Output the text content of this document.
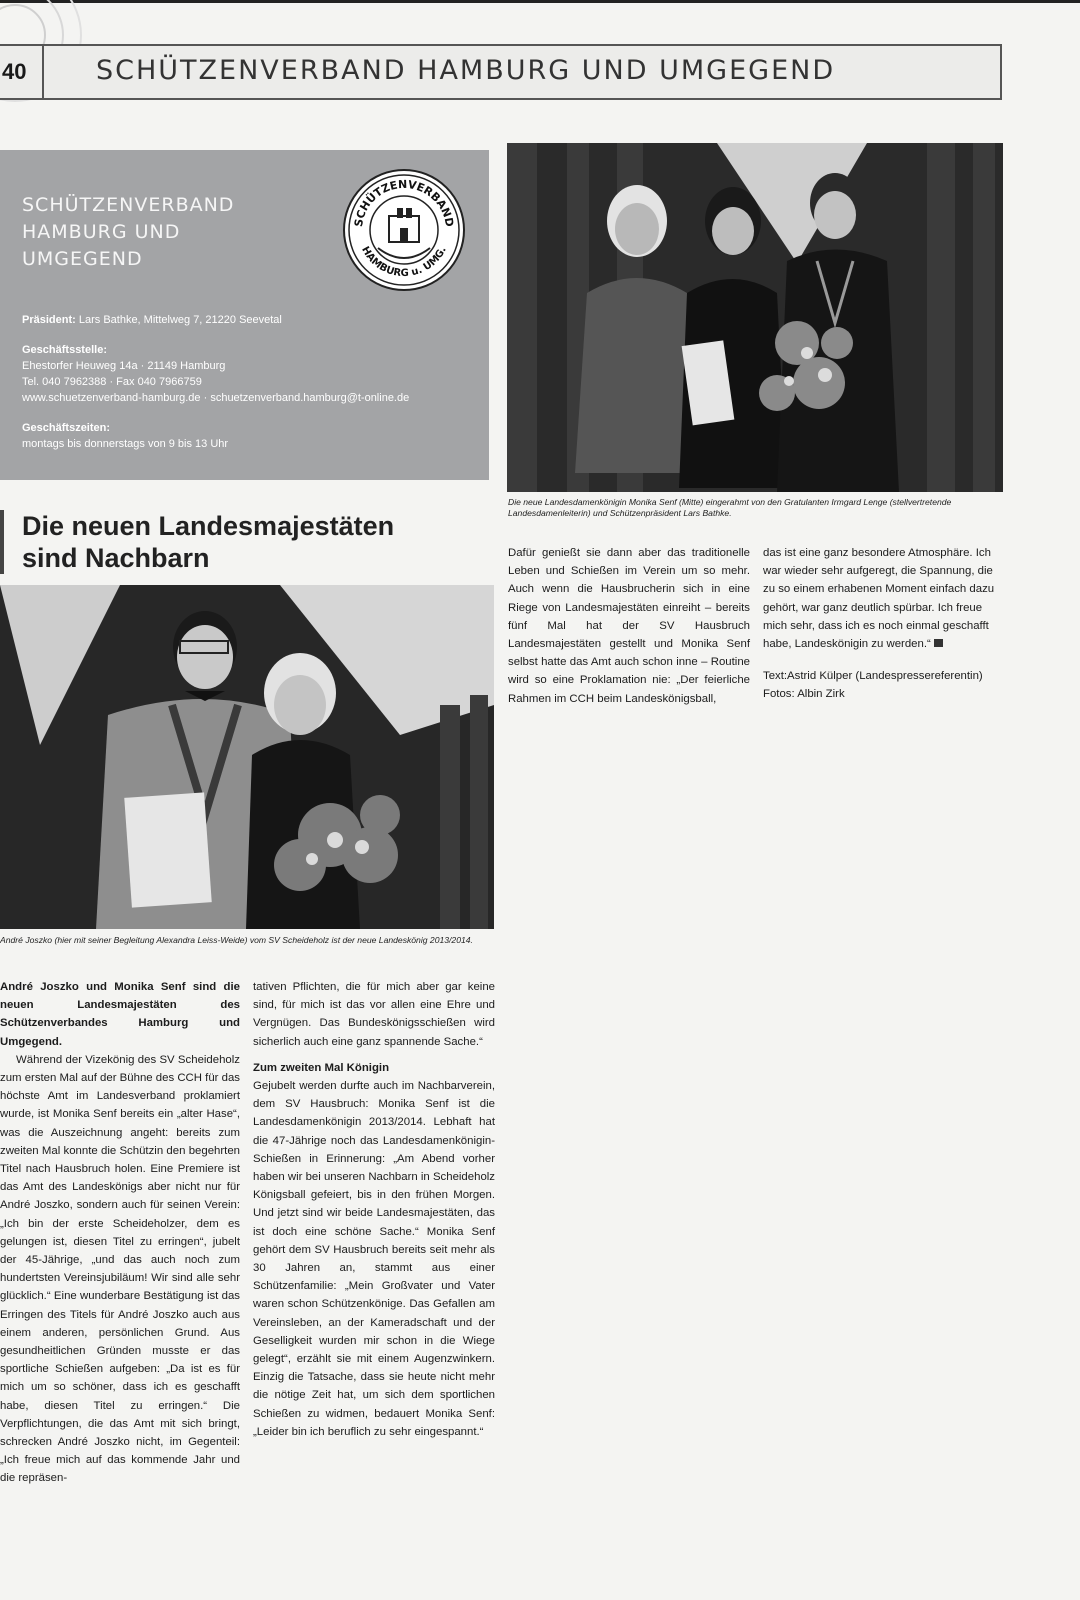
40	SCHÜTZENVERBAND HAMBURG UND UMGEGEND
SCHÜTZENVERBAND
HAMBURG UND
UMGEGEND
SCHÜTZENVERBAND
HAMBURG u. UMG.
Präsident: Lars Bathke, Mittelweg 7, 21220 Seevetal
Geschäftsstelle:
Ehestorfer Heuweg 14a · 21149 Hamburg
Tel. 040 7962388 · Fax 040 7966759
www.schuetzenverband-hamburg.de · schuetzenverband.hamburg@t-online.de
Geschäftszeiten:
montags bis donnerstags von 9 bis 13 Uhr
Die neue Landesdamenkönigin Monika Senf (Mitte) eingerahmt von den Gratulanten Irmgard Lenge (stellvertretende Landesdamenleiterin) und Schützenpräsident Lars Bathke.
Die neuen Landesmajestäten
sind Nachbarn
André Joszko (hier mit seiner Begleitung Alexandra Leiss-Weide) vom SV Scheideholz ist der neue Landeskönig 2013/2014.

André Joszko und Monika Senf sind die neuen Landesmajestäten des Schützenverbandes Hamburg und Umgegend.

Während der Vizekönig des SV Scheideholz zum ersten Mal auf der Bühne des CCH für das höchste Amt im Landesverband proklamiert wurde, ist Monika Senf bereits ein „alter Hase“, was die Auszeichnung angeht: bereits zum zweiten Mal konnte die Schützin den begehrten Titel nach Hausbruch holen. Eine Premiere ist das Amt des Landeskönigs aber nicht nur für André Joszko, sondern auch für seinen Verein: „Ich bin der erste Scheideholzer, dem es gelungen ist, diesen Titel zu erringen“, jubelt der 45-Jährige, „und das auch noch zum hundertsten Vereinsjubiläum! Wir sind alle sehr glücklich.“ Eine wunderbare Bestätigung ist das Erringen des Titels für André Joszko auch aus einem anderen, persönlichen Grund. Aus gesundheitlichen Gründen musste er das sportliche Schießen aufgeben: „Da ist es für mich um so schöner, dass ich es geschafft habe, diesen Titel zu erringen.“ Die Verpflichtungen, die das Amt mit sich bringt, schrecken André Joszko nicht, im Gegenteil: „Ich freue mich auf das kommende Jahr und die repräsen-

tativen Pflichten, die für mich aber gar keine sind, für mich ist das vor allen eine Ehre und Vergnügen. Das Bundeskönigsschießen wird sicherlich auch eine ganz spannende Sache.“

Zum zweiten Mal Königin

Gejubelt werden durfte auch im Nachbarverein, dem SV Hausbruch: Monika Senf ist die Landesdamenkönigin 2013/2014. Lebhaft hat die 47-Jährige noch das Landesdamenkönigin-Schießen in Erinnerung: „Am Abend vorher haben wir bei unseren Nachbarn in Scheideholz Königsball gefeiert, bis in den frühen Morgen. Und jetzt sind wir beide Landesmajestäten, das ist doch eine schöne Sache.“ Monika Senf gehört dem SV Hausbruch bereits seit mehr als 30 Jahren an, stammt aus einer Schützenfamilie: „Mein Großvater und Vater waren schon Schützenkönige. Das Gefallen am Vereinsleben, an der Kameradschaft und der Geselligkeit wurden mir schon in die Wiege gelegt“, erzählt sie mit einem Augenzwinkern. Einzig die Tatsache, dass sie heute nicht mehr die nötige Zeit hat, um sich dem sportlichen Schießen zu widmen, bedauert Monika Senf: „Leider bin ich beruflich zu sehr eingespannt.“

Dafür genießt sie dann aber das traditionelle Leben und Schießen im Verein um so mehr. Auch wenn die Hausbrucherin sich in eine Riege von Landesmajestäten einreiht – bereits fünf Mal hat der SV Hausbruch Landesmajestäten gestellt und Monika Senf selbst hatte das Amt auch schon inne – Routine wird so eine Proklamation nie: „Der feierliche Rahmen im CCH beim Landeskönigsball,

das ist eine ganz besondere Atmosphäre. Ich war wieder sehr aufgeregt, die Spannung, die zu so einem erhabenen Moment einfach dazu gehört, war ganz deutlich spürbar. Ich freue mich sehr, dass ich es noch einmal geschafft habe, Landeskönigin zu werden.“

Text:Astrid Külper (Landespressereferentin)
Fotos: Albin Zirk
